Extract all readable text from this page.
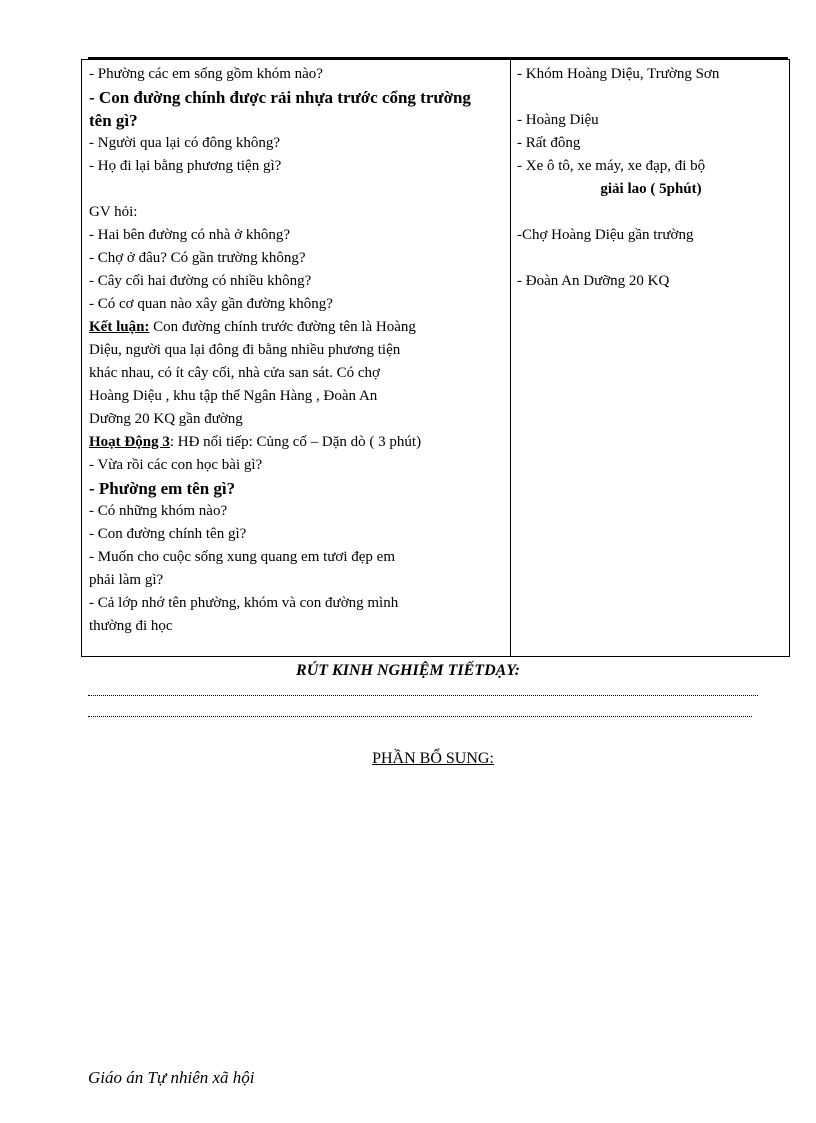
- Phường các em sống gồm khóm nào?
- Con đường chính được rải nhựa trước cổng trường
tên gì?
- Người qua lại có đông không?
- Họ đi lại bằng phương tiện gì?
GV hỏi:
- Hai bên đường có nhà ở không?
- Chợ ở đâu? Có gần trường không?
- Cây cối hai đường có nhiều không?
- Có cơ quan nào xây gần đường không?
Kết luận: Con đường chính trước đường tên là Hoàng
Diệu, người qua lại đông đi bằng nhiều phương tiện
khác nhau, có ít cây cối, nhà cửa san sát. Có chợ
Hoàng Diệu , khu tập thể Ngân Hàng , Đoàn An
Dưỡng 20 KQ gần đường
Hoạt Động 3: HĐ nối tiếp: Củng cố – Dặn dò ( 3 phút)
- Vừa rồi các con học bài gì?
- Phường em tên gì?
- Có những khóm nào?
- Con đường chính tên gì?
- Muốn cho cuộc sống xung quang em tươi đẹp em
phải làm gì?
- Cả lớp nhớ tên phường, khóm và con đường mình
thường đi học
- Khóm Hoàng Diệu, Trường Sơn
- Hoàng Diệu
- Rất đông
- Xe ô tô, xe máy, xe đạp, đi bộ
giải lao ( 5phút)
-Chợ Hoàng Diệu gần trường
- Đoàn An Dưỡng 20 KQ
RÚT KINH NGHIỆM TIẾTDẠY:
PHẦN BỔ SUNG:
Giáo án Tự nhiên xã hội
